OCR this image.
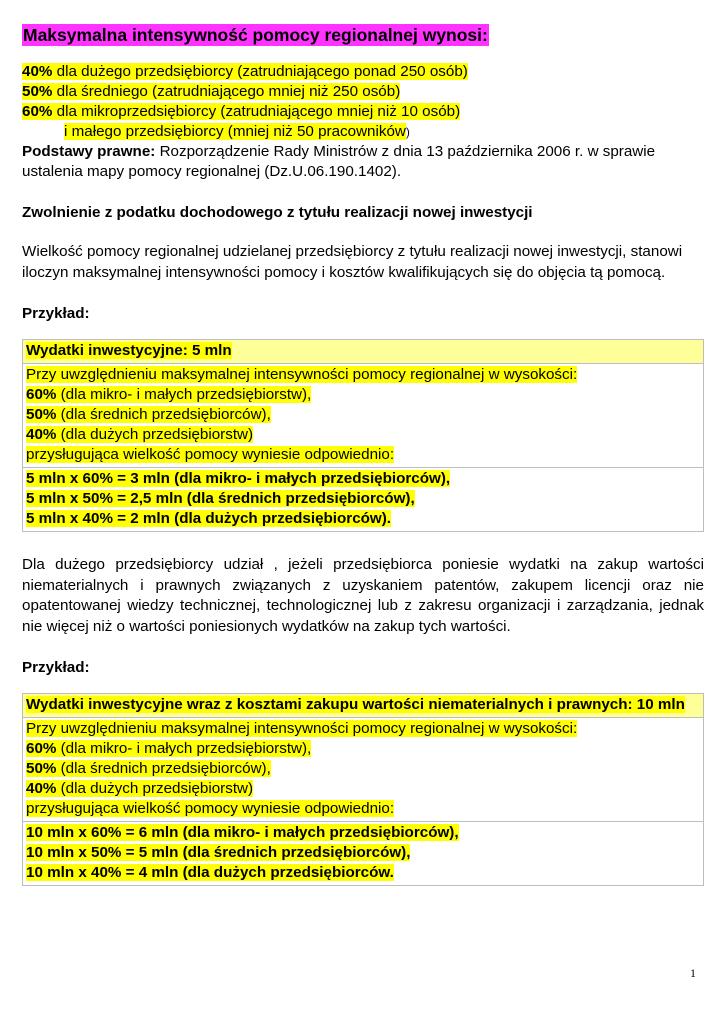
Maksymalna intensywność pomocy regionalnej wynosi:
40% dla dużego przedsiębiorcy (zatrudniającego ponad 250 osób)
50% dla średniego (zatrudniającego mniej niż 250 osób)
60% dla mikroprzedsiębiorcy (zatrudniającego mniej niż 10 osób)
i małego przedsiębiorcy (mniej niż 50 pracowników)

Podstawy prawne: Rozporządzenie Rady Ministrów z dnia 13 października 2006 r. w sprawie ustalenia mapy pomocy regionalnej (Dz.U.06.190.1402).

Zwolnienie z podatku dochodowego z tytułu realizacji nowej inwestycji

Wielkość pomocy regionalnej udzielanej przedsiębiorcy z tytułu realizacji nowej inwestycji, stanowi iloczyn maksymalnej intensywności pomocy i kosztów kwalifikujących się do objęcia tą pomocą.

Przykład:
Wydatki inwestycyjne: 5 mln
Przy uwzględnieniu maksymalnej intensywności pomocy regionalnej w wysokości:
60% (dla mikro- i małych przedsiębiorstw),
50% (dla średnich przedsiębiorców),
40% (dla dużych przedsiębiorstw)
przysługująca wielkość pomocy wyniesie odpowiednio:
5 mln x 60% = 3 mln (dla mikro- i małych przedsiębiorców),
5 mln x 50% = 2,5 mln (dla średnich przedsiębiorców),
5 mln x 40% = 2 mln (dla dużych przedsiębiorców).

Dla dużego przedsiębiorcy udział , jeżeli przedsiębiorca poniesie wydatki na zakup wartości niematerialnych i prawnych związanych z uzyskaniem patentów, zakupem licencji oraz nie opatentowanej wiedzy technicznej, technologicznej lub z zakresu organizacji i zarządzania, jednak nie więcej niż o wartości poniesionych wydatków na zakup tych wartości.

Przykład:
Wydatki inwestycyjne wraz z kosztami zakupu wartości niematerialnych i prawnych: 10 mln
Przy uwzględnieniu maksymalnej intensywności pomocy regionalnej w wysokości:
60% (dla mikro- i małych przedsiębiorstw),
50% (dla średnich przedsiębiorców),
40% (dla dużych przedsiębiorstw)
przysługująca wielkość pomocy wyniesie odpowiednio:
10 mln x 60% = 6 mln (dla mikro- i małych przedsiębiorców),
10 mln x 50% = 5 mln (dla średnich przedsiębiorców),
10 mln x 40% = 4 mln (dla dużych przedsiębiorców.
1
